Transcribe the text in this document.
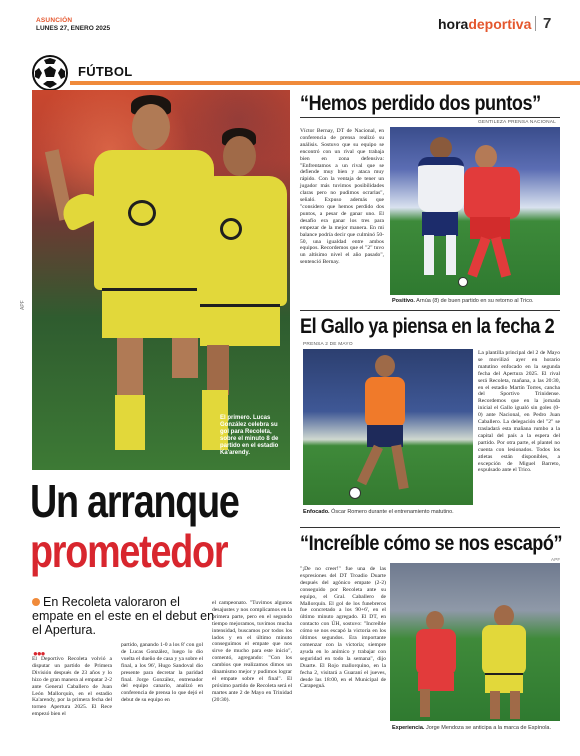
ASUNCIÓN
LUNES 27, ENERO 2025	horadeportiva 7
FÚTBOL
El primero. Lucas González celebra su gol para Recoleta, sobre el minuto 8 de partido en el estadio Ka'arendy.
APF
Un arranque
prometedor
En Recoleta valoraron el empate en el este en el debut en el Apertura.
●●●
El Deportivo Recoleta volvió a disputar un partido de Primera División después de 23 años y lo hizo de gran manera al empatar 2-2 ante General Caballero de Juan León Mallorquín, en el estadio Ka'arendy, por la primera fecha del torneo Apertura 2025. El Rece empezó bien el
partido, ganando 1-0 a los 8' con gol de Lucas González, luego lo dio vuelta el dueño de casa y ya sobre el final, a los 96', Hugo Sandoval dio presente para decretar la paridad final. Jorge González, entrenador del equipo canario, analizó en conferencia de prensa lo que dejó el debut de su equipo en
el campeonato. "Tuvimos algunos desajustes y nos complicamos en la primera parte, pero en el segundo tiempo mejoramos, tuvimos mucha intensidad, buscamos por todos los lados y en el último minuto conseguimos el empate que nos sirve de mucho para este inicio", comentó, agregando: "Con los cambios que realizamos dimos un dinamismo mejor y pudimos lograr el empate sobre el final". El próximo partido de Recoleta será el martes ante 2 de Mayo en Trinidad (20:30).
“Hemos perdido dos puntos”
GENTILEZA PRENSA NACIONAL
Víctor Bernay, DT de Nacional, en conferencia de prensa realizó su análisis. Sostuvo que su equipo se encontró con un rival que trabaja bien en zona defensiva: "Enfrentamos a un rival que se defiende muy bien y ataca muy rápido. Con la ventaja de tener un jugador más tuvimos posibilidades claras pero no pudimos ocrarlas", señaló. Expuso además que "considero que hemos perdido dos puntos, a pesar de ganar uno. El desafío era ganar los tres para empezar de la mejor manera. En mi balance podría decir que culminó 50-50, una igualdad entre ambos equipos. Recordemos que el "2" tuvo un altísimo nivel el año pasado", sentenció Bernay.
Positivo. Arnúa (8) de buen partido en su retorno al Trico.
El Gallo ya piensa en la fecha 2
PRENSA 2 DE MAYO
La plantilla principal del 2 de Mayo se movilizó ayer en horario matutino enfocado en la segunda fecha del Apertura 2025. El rival será Recoleta, mañana, a las 20:30, en el estadio Martín Torres, cancha del Sportivo Trinidense. Recordemos que en la jornada inicial el Gallo igualó sin goles (0-0) ante Nacional, en Pedro Juan Caballero. La delegación del "2" se trasladará esta mañana rumbo a la capital del país a la espera del partido. Por otra parte, el plantel no cuenta con lesionados. Todos los atletas están disponibles, a excepción de Miguel Barreto, expulsado ante el Trico.
Enfocado. Óscar Romero durante el entrenamiento matutino.
“Increíble cómo se nos escapó”
APF
"¡De no creer!" fue una de las expresiones del DT Troadio Duarte después del agónico empate (2-2) conseguido por Recoleta ante su equipo, el Gral. Caballero de Mallorquín. El gol de los funebreros fue concretado a los 90+6', en el último minuto agregado. El DT, en contacto con ÚH, sostuvo: "Increíble cómo se nos escapó la victoria en los últimos segundos. Era importante comenzar con la victoria; siempre ayuda en lo anímico y trabajar con seguridad en todo la semana", dijo Duarte. El Rojo mallorquino, en la fecha 2, visitará a Guaraní el jueves, desde las 18:00, en el Municipal de Carapeguá.
Experiencia. Jorge Mendoza se anticipa a la marca de Espínola.
